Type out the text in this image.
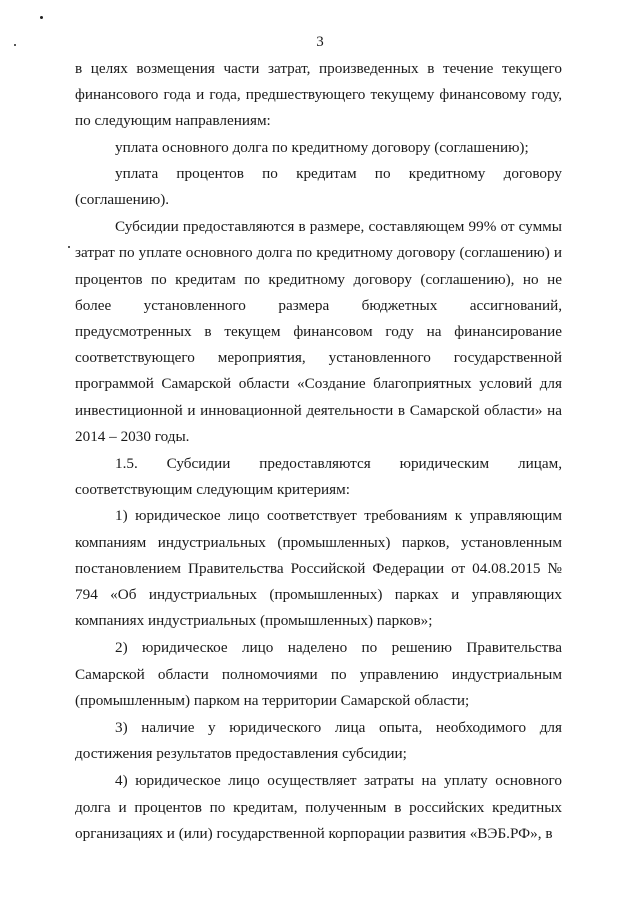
3

в целях возмещения части затрат, произведенных в течение текущего финансового года и года, предшествующего текущему финансовому году, по следующим направлениям:

уплата основного долга по кредитному договору (соглашению);

уплата процентов по кредитам по кредитному договору (соглашению).

Субсидии предоставляются в размере, составляющем 99% от суммы затрат по уплате основного долга по кредитному договору (соглашению) и процентов по кредитам по кредитному договору (соглашению), но не более установленного размера бюджетных ассигнований, предусмотренных в текущем финансовом году на финансирование соответствующего мероприятия, установленного государственной программой Самарской области «Создание благоприятных условий для инвестиционной и инновационной деятельности в Самарской области» на 2014 – 2030 годы.

1.5. Субсидии предоставляются юридическим лицам, соответствующим следующим критериям:

1) юридическое лицо соответствует требованиям к управляющим компаниям индустриальных (промышленных) парков, установленным постановлением Правительства Российской Федерации от 04.08.2015 № 794 «Об индустриальных (промышленных) парках и управляющих компаниях индустриальных (промышленных) парков»;

2) юридическое лицо наделено по решению Правительства Самарской области полномочиями по управлению индустриальным (промышленным) парком на территории Самарской области;

3) наличие у юридического лица опыта, необходимого для достижения результатов предоставления субсидии;

4) юридическое лицо осуществляет затраты на уплату основного долга и процентов по кредитам, полученным в российских кредитных организациях и (или) государственной корпорации развития «ВЭБ.РФ», в
